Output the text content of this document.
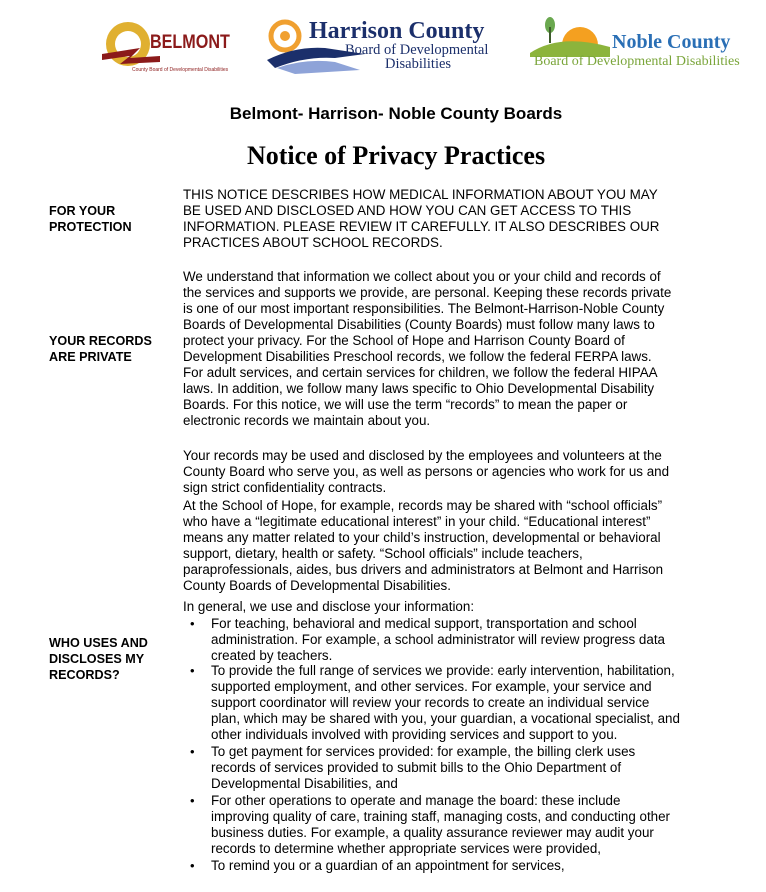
BELMONT
County Board of Developmental Disabilities
Harrison County
Board of Developmental
Disabilities
Noble County
Board of Developmental Disabilities
Belmont- Harrison- Noble County Boards
Notice of Privacy Practices
FOR YOUR
PROTECTION
YOUR RECORDS
ARE PRIVATE
WHO USES AND
DISCLOSES MY
RECORDS?
THIS NOTICE DESCRIBES HOW MEDICAL INFORMATION ABOUT YOU MAY
BE USED AND DISCLOSED AND HOW YOU CAN GET ACCESS TO THIS
INFORMATION. PLEASE REVIEW IT CAREFULLY. IT ALSO DESCRIBES OUR
PRACTICES ABOUT SCHOOL RECORDS.
We understand that information we collect about you or your child and records of
the services and supports we provide, are personal. Keeping these records private
is one of our most important responsibilities. The Belmont-Harrison-Noble County
Boards of Developmental Disabilities (County Boards) must follow many laws to
protect your privacy. For the School of Hope and Harrison County Board of
Development Disabilities Preschool records, we follow the federal FERPA laws.
For adult services, and certain services for children, we follow the federal HIPAA
laws. In addition, we follow many laws specific to Ohio Developmental Disability
Boards. For this notice, we will use the term “records” to mean the paper or
electronic records we maintain about you.
Your records may be used and disclosed by the employees and volunteers at the
County Board who serve you, as well as persons or agencies who work for us and
sign strict confidentiality contracts.
At the School of Hope, for example, records may be shared with “school officials”
who have a “legitimate educational interest” in your child. “Educational interest”
means any matter related to your child’s instruction, developmental or behavioral
support, dietary, health or safety. “School officials” include teachers,
paraprofessionals, aides, bus drivers and administrators at Belmont and Harrison
County Boards of Developmental Disabilities.
In general, we use and disclose your information:
• For teaching, behavioral and medical support, transportation and school
administration. For example, a school administrator will review progress data
created by teachers.
• To provide the full range of services we provide: early intervention, habilitation,
supported employment, and other services. For example, your service and
support coordinator will review your records to create an individual service
plan, which may be shared with you, your guardian, a vocational specialist, and
other individuals involved with providing services and support to you.
• To get payment for services provided: for example, the billing clerk uses
records of services provided to submit bills to the Ohio Department of
Developmental Disabilities, and
• For other operations to operate and manage the board: these include
improving quality of care, training staff, managing costs, and conducting other
business duties. For example, a quality assurance reviewer may audit your
records to determine whether appropriate services were provided,
• To remind you or a guardian of an appointment for services,
